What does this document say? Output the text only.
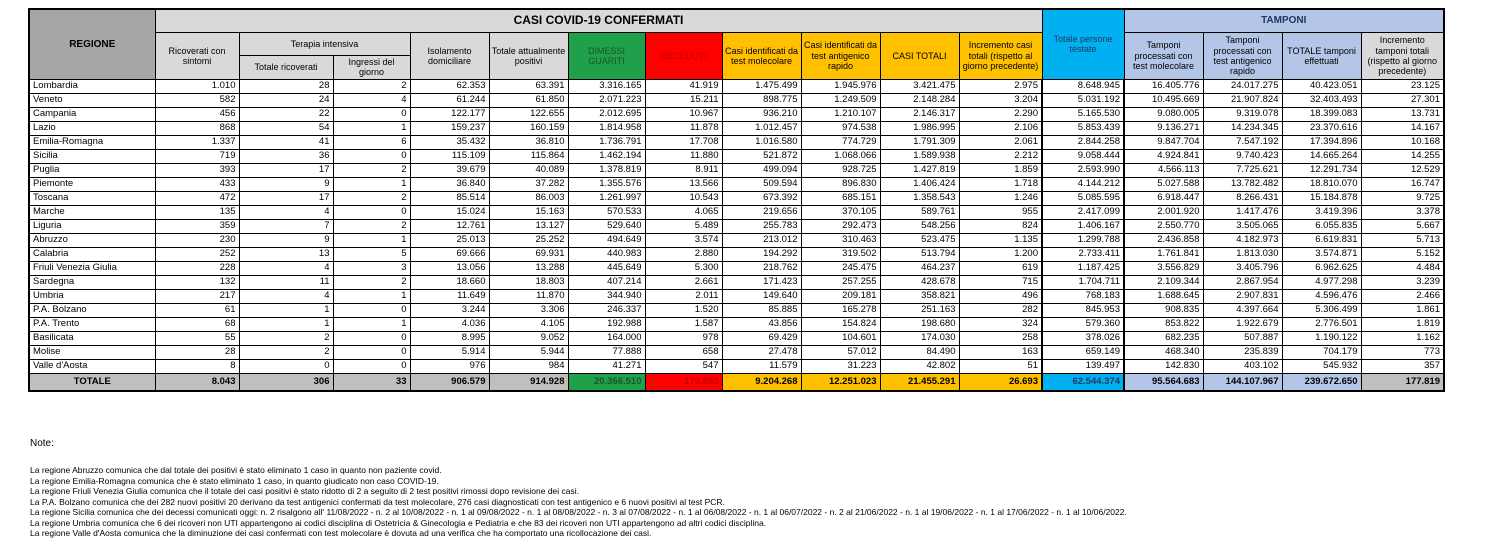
REGIONE	CASI COVID-19 CONFERMATI											Totale persone testate	TAMPONI			
	Ricoverati con sintomi	Terapia intensiva		Isolamento domiciliare	Totale attualmente positivi	DIMESSI GUARITI	DECEDUTI	Casi identificati da test molecolare	Casi identificati da test antigenico rapido	CASI TOTALI	Incremento casi totali (rispetto al giorno precedente)		Tamponi processati con test molecolare	Tamponi processati con test antigenico rapido	TOTALE tamponi effettuati	Incremento tamponi totali (rispetto al giorno precedente)
		Totale ricoverati	Ingressi del giorno													
Lombardia	1.010	28	2	62.353	63.391	3.316.165	41.919	1.475.499	1.945.976	3.421.475	2.975	8.648.945	16.405.776	24.017.275	40.423.051	23.125
Veneto	582	24	4	61.244	61.850	2.071.223	15.211	898.775	1.249.509	2.148.284	3.204	5.031.192	10.495.669	21.907.824	32.403.493	27.301
Campania	456	22	0	122.177	122.655	2.012.695	10.967	936.210	1.210.107	2.146.317	2.290	5.165.530	9.080.005	9.319.078	18.399.083	13.731
Lazio	868	54	1	159.237	160.159	1.814.958	11.878	1.012.457	974.538	1.986.995	2.106	5.853.439	9.136.271	14.234.345	23.370.616	14.167
Emilia-Romagna	1.337	41	6	35.432	36.810	1.736.791	17.708	1.016.580	774.729	1.791.309	2.061	2.844.258	9.847.704	7.547.192	17.394.896	10.168
Sicilia	719	36	0	115.109	115.864	1.462.194	11.880	521.872	1.068.066	1.589.938	2.212	9.058.444	4.924.841	9.740.423	14.665.264	14.255
Puglia	393	17	2	39.679	40.089	1.378.819	8.911	499.094	928.725	1.427.819	1.859	2.593.990	4.566.113	7.725.621	12.291.734	12.529
Piemonte	433	9	1	36.840	37.282	1.355.576	13.566	509.594	896.830	1.406.424	1.718	4.144.212	5.027.588	13.782.482	18.810.070	16.747
Toscana	472	17	2	85.514	86.003	1.261.997	10.543	673.392	685.151	1.358.543	1.246	5.085.595	6.918.447	8.266.431	15.184.878	9.725
Marche	135	4	0	15.024	15.163	570.533	4.065	219.656	370.105	589.761	955	2.417.099	2.001.920	1.417.476	3.419.396	3.378
Liguria	359	7	2	12.761	13.127	529.640	5.489	255.783	292.473	548.256	824	1.406.167	2.550.770	3.505.065	6.055.835	5.667
Abruzzo	230	9	1	25.013	25.252	494.649	3.574	213.012	310.463	523.475	1.135	1.299.788	2.436.858	4.182.973	6.619.831	5.713
Calabria	252	13	5	69.666	69.931	440.983	2.880	194.292	319.502	513.794	1.200	2.733.411	1.761.841	1.813.030	3.574.871	5.152
Friuli Venezia Giulia	228	4	3	13.056	13.288	445.649	5.300	218.762	245.475	464.237	619	1.187.425	3.556.829	3.405.796	6.962.625	4.484
Sardegna	132	11	2	18.660	18.803	407.214	2.661	171.423	257.255	428.678	715	1.704.711	2.109.344	2.867.954	4.977.298	3.239
Umbria	217	4	1	11.649	11.870	344.940	2.011	149.640	209.181	358.821	496	768.183	1.688.645	2.907.831	4.596.476	2.466
P.A. Bolzano	61	1	0	3.244	3.306	246.337	1.520	85.885	165.278	251.163	282	845.953	908.835	4.397.664	5.306.499	1.861
P.A. Trento	68	1	1	4.036	4.105	192.988	1.587	43.856	154.824	198.680	324	579.360	853.822	1.922.679	2.776.501	1.819
Basilicata	55	2	0	8.995	9.052	164.000	978	69.429	104.601	174.030	258	378.026	682.235	507.887	1.190.122	1.162
Molise	28	2	0	5.914	5.944	77.888	658	27.478	57.012	84.490	163	659.149	468.340	235.839	704.179	773
Valle d'Aosta	8	0	0	976	984	41.271	547	11.579	31.223	42.802	51	139.497	142.830	403.102	545.932	357
TOTALE	8.043	306	33	906.579	914.928	20.366.510	173.853	9.204.268	12.251.023	21.455.291	26.693	62.544.374	95.564.683	144.107.967	239.672.650	177.819
Note:
La regione Abruzzo comunica che dal totale dei positivi è stato eliminato 1 caso in quanto non paziente covid.
La regione Emilia-Romagna comunica che è stato eliminato 1 caso, in quanto giudicato non caso COVID-19.
La regione Friuli Venezia Giulia comunica che il totale dei casi positivi è stato ridotto di 2 a seguito di 2 test positivi rimossi dopo revisione dei casi.
La P.A. Bolzano comunica che dei 282 nuovi positivi 20 derivano da test antigenici confermati da test molecolare, 276 casi diagnosticati con test antigenico e 6 nuovi positivi al test PCR.
La regione Sicilia comunica che dei decessi comunicati oggi: n. 2 risalgono all' 11/08/2022 - n. 2 al 10/08/2022 - n. 1 al 09/08/2022 - n. 1 al 08/08/2022 - n. 3 al 07/08/2022 - n. 1 al 06/08/2022 - n. 1 al 06/07/2022 - n. 2 al 21/06/2022 - n. 1 al 19/06/2022 - n. 1 al 17/06/2022 - n. 1 al 10/06/2022.
La regione Umbria comunica che 6 dei ricoveri non UTI appartengono ai codici disciplina di Ostetricia & Ginecologia e Pediatria e che 83 dei ricoveri non UTI appartengono ad altri codici disciplina.
La regione Valle d'Aosta comunica che la diminuzione dei casi confermati con test molecolare è dovuta ad una verifica che ha comportato una ricollocazione dei casi.
